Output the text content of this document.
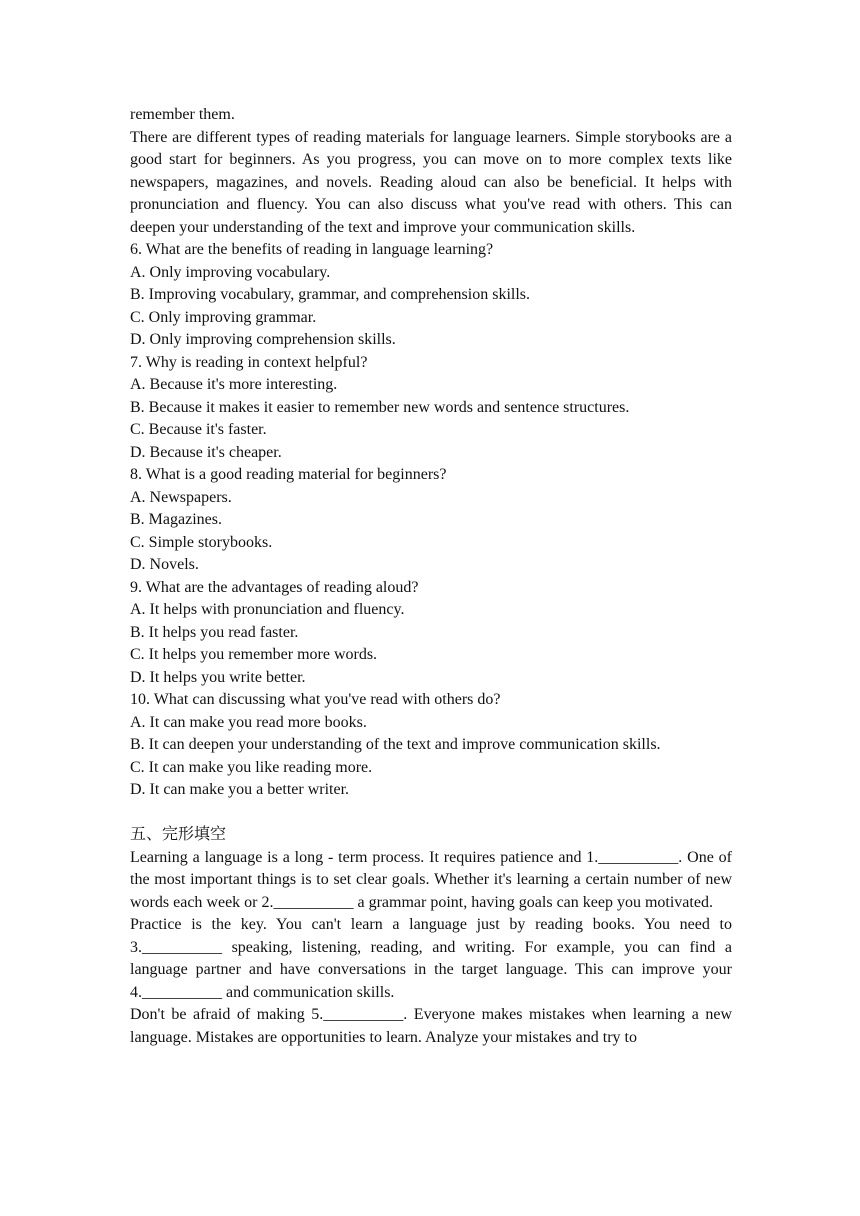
remember them.

There are different types of reading materials for language learners. Simple storybooks are a good start for beginners. As you progress, you can move on to more complex texts like newspapers, magazines, and novels. Reading aloud can also be beneficial. It helps with pronunciation and fluency. You can also discuss what you've read with others. This can deepen your understanding of the text and improve your communication skills.

6. What are the benefits of reading in language learning?

A. Only improving vocabulary.

B. Improving vocabulary, grammar, and comprehension skills.

C. Only improving grammar.

D. Only improving comprehension skills.

7. Why is reading in context helpful?

A. Because it's more interesting.

B. Because it makes it easier to remember new words and sentence structures.

C. Because it's faster.

D. Because it's cheaper.

8. What is a good reading material for beginners?

A. Newspapers.

B. Magazines.

C. Simple storybooks.

D. Novels.

9. What are the advantages of reading aloud?

A. It helps with pronunciation and fluency.

B. It helps you read faster.

C. It helps you remember more words.

D. It helps you write better.

10. What can discussing what you've read with others do?

A. It can make you read more books.

B. It can deepen your understanding of the text and improve communication skills.

C. It can make you like reading more.

D. It can make you a better writer.

五、完形填空

Learning a language is a long - term process. It requires patience and 1.__________. One of the most important things is to set clear goals. Whether it's learning a certain number of new words each week or 2.__________ a grammar point, having goals can keep you motivated.

Practice is the key. You can't learn a language just by reading books. You need to 3.__________ speaking, listening, reading, and writing. For example, you can find a language partner and have conversations in the target language. This can improve your 4.__________ and communication skills.

Don't be afraid of making 5.__________. Everyone makes mistakes when learning a new language. Mistakes are opportunities to learn. Analyze your mistakes and try to
